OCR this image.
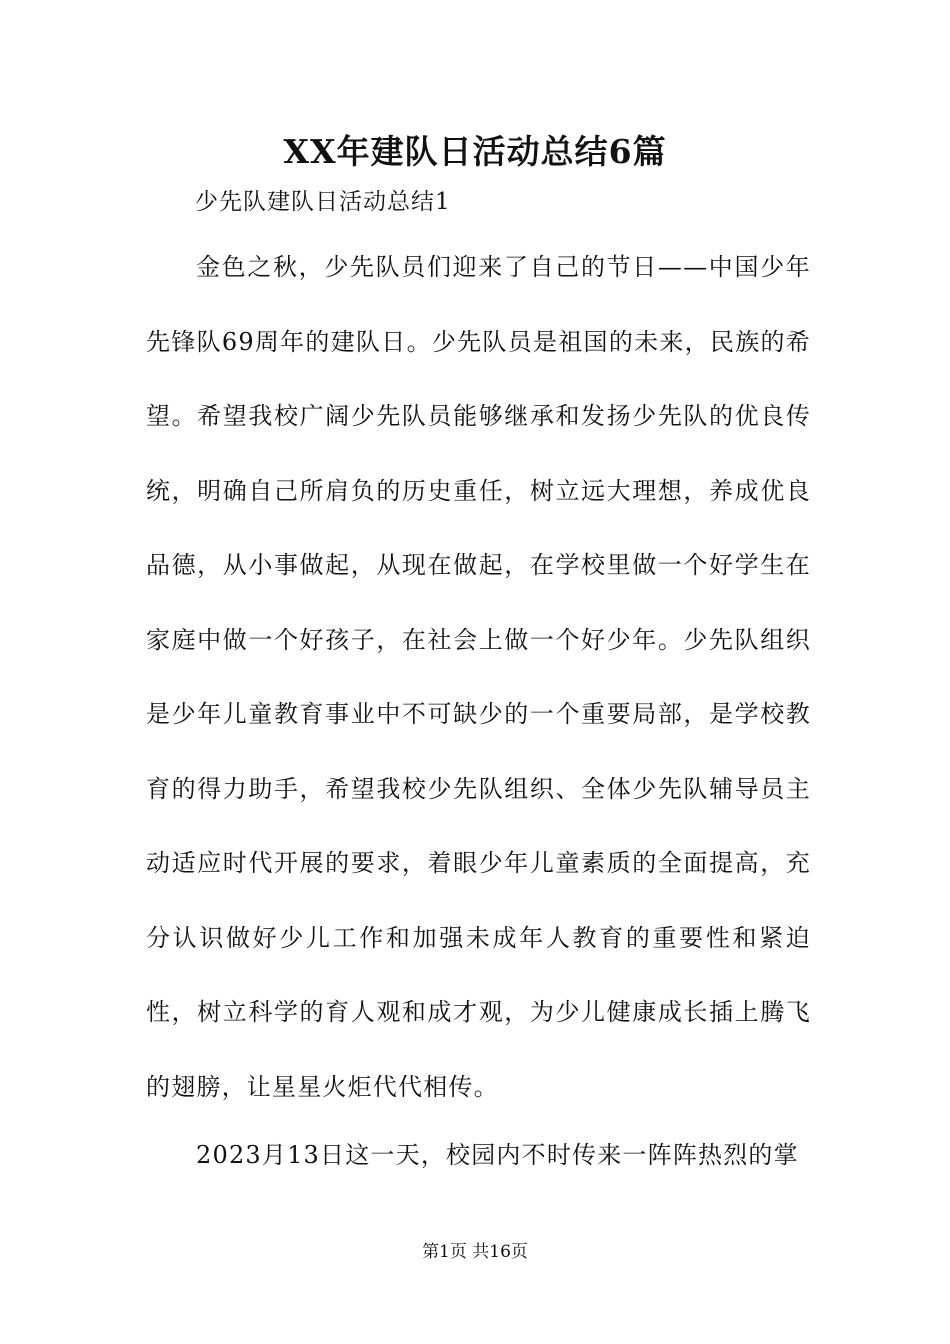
XX年建队日活动总结6篇

少先队建队日活动总结1

金色之秋，少先队员们迎来了自己的节日——中国少年先锋队69周年的建队日。少先队员是祖国的未来，民族的希望。希望我校广阔少先队员能够继承和发扬少先队的优良传统，明确自己所肩负的历史重任，树立远大理想，养成优良品德，从小事做起，从现在做起，在学校里做一个好学生在家庭中做一个好孩子，在社会上做一个好少年。少先队组织是少年儿童教育事业中不可缺少的一个重要局部，是学校教育的得力助手，希望我校少先队组织、全体少先队辅导员主动适应时代开展的要求，着眼少年儿童素质的全面提高，充分认识做好少儿工作和加强未成年人教育的重要性和紧迫性，树立科学的育人观和成才观，为少儿健康成长插上腾飞的翅膀，让星星火炬代代相传。

2023月13日这一天，校园内不时传来一阵阵热烈的掌

第1页 共16页
